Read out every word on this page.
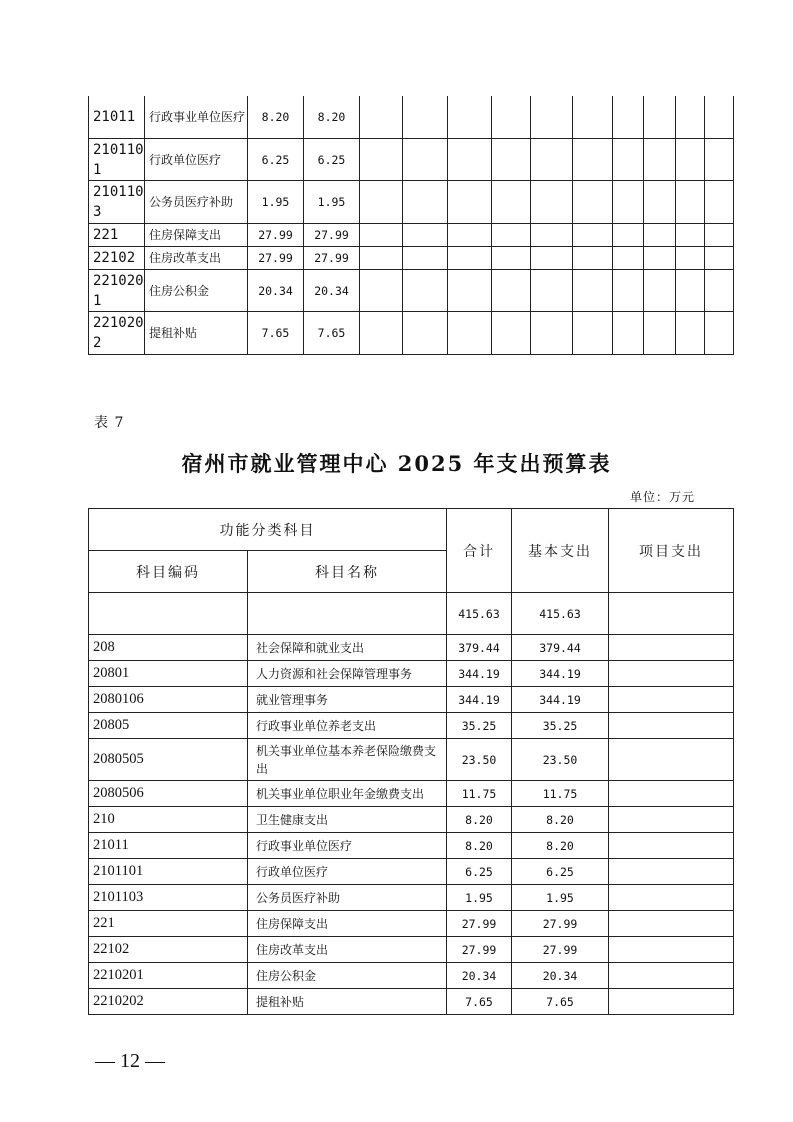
21011	行政事业单位医疗	8.20	8.20										
2101101	行政单位医疗	6.25	6.25										
2101103	公务员医疗补助	1.95	1.95										
221	住房保障支出	27.99	27.99										
22102	住房改革支出	27.99	27.99										
2210201	住房公积金	20.34	20.34										
2210202	提租补贴	7.65	7.65										
表 7
宿州市就业管理中心 2025 年支出预算表
单位：万元
功能分类科目		合计	基本支出	项目支出
科目编码	科目名称			
		415.63	415.63	
208	社会保障和就业支出	379.44	379.44	
20801	人力资源和社会保障管理事务	344.19	344.19	
2080106	就业管理事务	344.19	344.19	
20805	行政事业单位养老支出	35.25	35.25	
2080505	机关事业单位基本养老保险缴费支出	23.50	23.50	
2080506	机关事业单位职业年金缴费支出	11.75	11.75	
210	卫生健康支出	8.20	8.20	
21011	行政事业单位医疗	8.20	8.20	
2101101	行政单位医疗	6.25	6.25	
2101103	公务员医疗补助	1.95	1.95	
221	住房保障支出	27.99	27.99	
22102	住房改革支出	27.99	27.99	
2210201	住房公积金	20.34	20.34	
2210202	提租补贴	7.65	7.65	
— 12 —
